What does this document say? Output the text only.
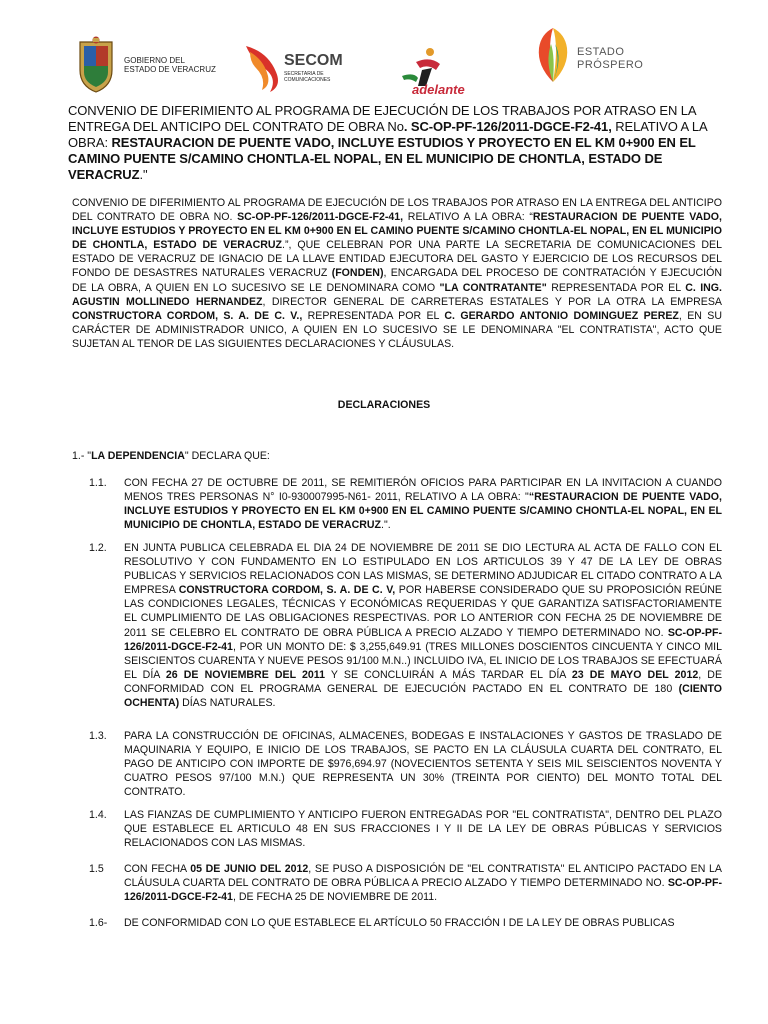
GOBIERNO DEL
ESTADO DE VERACRUZ
SECOM
SECRETARIA DE
COMUNICACIONES
adelante
ESTADO
PRÓSPERO
CONVENIO DE DIFERIMIENTO AL PROGRAMA DE EJECUCIÓN DE LOS TRABAJOS POR ATRASO EN LA ENTREGA DEL ANTICIPO DEL CONTRATO DE OBRA No. SC-OP-PF-126/2011-DGCE-F2-41, RELATIVO A LA OBRA: RESTAURACION DE PUENTE VADO, INCLUYE ESTUDIOS Y PROYECTO EN EL KM 0+900 EN EL CAMINO PUENTE S/CAMINO CHONTLA-EL NOPAL, EN EL MUNICIPIO DE CHONTLA, ESTADO DE VERACRUZ."
CONVENIO DE DIFERIMIENTO AL PROGRAMA DE EJECUCIÓN DE LOS TRABAJOS POR ATRASO EN LA ENTREGA DEL ANTICIPO DEL CONTRATO DE OBRA NO. SC-OP-PF-126/2011-DGCE-F2-41, RELATIVO A LA OBRA: “RESTAURACION DE PUENTE VADO, INCLUYE ESTUDIOS Y PROYECTO EN EL KM 0+900 EN EL CAMINO PUENTE S/CAMINO CHONTLA-EL NOPAL, EN EL MUNICIPIO DE CHONTLA, ESTADO DE VERACRUZ.”, QUE CELEBRAN POR UNA PARTE LA SECRETARIA DE COMUNICACIONES DEL ESTADO DE VERACRUZ DE IGNACIO DE LA LLAVE ENTIDAD EJECUTORA DEL GASTO Y EJERCICIO DE LOS RECURSOS DEL FONDO DE DESASTRES NATURALES VERACRUZ (FONDEN), ENCARGADA DEL PROCESO DE CONTRATACIÓN Y EJECUCIÓN DE LA OBRA, A QUIEN EN LO SUCESIVO SE LE DENOMINARA COMO "LA CONTRATANTE" REPRESENTADA POR EL C. ING. AGUSTIN MOLLINEDO HERNANDEZ, DIRECTOR GENERAL DE CARRETERAS ESTATALES Y POR LA OTRA LA EMPRESA CONSTRUCTORA CORDOM, S. A. DE C. V., REPRESENTADA POR EL C. GERARDO ANTONIO DOMINGUEZ PEREZ, EN SU CARÁCTER DE ADMINISTRADOR UNICO, A QUIEN EN LO SUCESIVO SE LE DENOMINARA "EL CONTRATISTA", ACTO QUE SUJETAN AL TENOR DE LAS SIGUIENTES DECLARACIONES Y CLÁUSULAS.
DECLARACIONES
1.- "LA DEPENDENCIA" DECLARA QUE:
1.1. CON FECHA 27 DE OCTUBRE DE 2011, SE REMITIERÓN OFICIOS PARA PARTICIPAR EN LA INVITACION A CUANDO MENOS TRES PERSONAS N° I0-930007995-N61- 2011, RELATIVO A LA OBRA: "“RESTAURACION DE PUENTE VADO, INCLUYE ESTUDIOS Y PROYECTO EN EL KM 0+900 EN EL CAMINO PUENTE S/CAMINO CHONTLA-EL NOPAL, EN EL MUNICIPIO DE CHONTLA, ESTADO DE VERACRUZ.".
1.2. EN JUNTA PUBLICA CELEBRADA EL DIA 24 DE NOVIEMBRE DE 2011 SE DIO LECTURA AL ACTA DE FALLO CON EL RESOLUTIVO Y CON FUNDAMENTO EN LO ESTIPULADO EN LOS ARTICULOS 39 Y 47 DE LA LEY DE OBRAS PUBLICAS Y SERVICIOS RELACIONADOS CON LAS MISMAS, SE DETERMINO ADJUDICAR EL CITADO CONTRATO A LA EMPRESA CONSTRUCTORA CORDOM, S. A. DE C. V, POR HABERSE CONSIDERADO QUE SU PROPOSICIÓN REÚNE LAS CONDICIONES LEGALES, TÉCNICAS Y ECONÓMICAS REQUERIDAS Y QUE GARANTIZA SATISFACTORIAMENTE EL CUMPLIMIENTO DE LAS OBLIGACIONES RESPECTIVAS. POR LO ANTERIOR CON FECHA 25 DE NOVIEMBRE DE 2011 SE CELEBRO EL CONTRATO DE OBRA PÚBLICA A PRECIO ALZADO Y TIEMPO DETERMINADO NO. SC-OP-PF-126/2011-DGCE-F2-41, POR UN MONTO DE: $ 3,255,649.91 (TRES MILLONES DOSCIENTOS CINCUENTA Y CINCO MIL SEISCIENTOS CUARENTA Y NUEVE PESOS 91/100 M.N..) INCLUIDO IVA, EL INICIO DE LOS TRABAJOS SE EFECTUARÁ EL DÍA 26 DE NOVIEMBRE DEL 2011 Y SE CONCLUIRÁN A MÁS TARDAR EL DÍA 23 DE MAYO DEL 2012, DE CONFORMIDAD CON EL PROGRAMA GENERAL DE EJECUCIÓN PACTADO EN EL CONTRATO DE 180 (CIENTO OCHENTA) DÍAS NATURALES.
1.3. PARA LA CONSTRUCCIÓN DE OFICINAS, ALMACENES, BODEGAS E INSTALACIONES Y GASTOS DE TRASLADO DE MAQUINARIA Y EQUIPO, E INICIO DE LOS TRABAJOS, SE PACTO EN LA CLÁUSULA CUARTA DEL CONTRATO, EL PAGO DE ANTICIPO CON IMPORTE DE $976,694.97 (NOVECIENTOS SETENTA Y SEIS MIL SEISCIENTOS NOVENTA Y CUATRO PESOS 97/100 M.N.) QUE REPRESENTA UN 30% (TREINTA POR CIENTO) DEL MONTO TOTAL DEL CONTRATO.
1.4. LAS FIANZAS DE CUMPLIMIENTO Y ANTICIPO FUERON ENTREGADAS POR "EL CONTRATISTA", DENTRO DEL PLAZO QUE ESTABLECE EL ARTICULO 48 EN SUS FRACCIONES I Y II DE LA LEY DE OBRAS PÚBLICAS Y SERVICIOS RELACIONADOS CON LAS MISMAS.
1.5 CON FECHA 05 DE JUNIO DEL 2012, SE PUSO A DISPOSICIÓN DE "EL CONTRATISTA" EL ANTICIPO PACTADO EN LA CLÁUSULA CUARTA DEL CONTRATO DE OBRA PÚBLICA A PRECIO ALZADO Y TIEMPO DETERMINADO NO. SC-OP-PF-126/2011-DGCE-F2-41, DE FECHA 25 DE NOVIEMBRE DE 2011.
1.6- DE CONFORMIDAD CON LO QUE ESTABLECE EL ARTÍCULO 50 FRACCIÓN I DE LA LEY DE OBRAS PUBLICAS
